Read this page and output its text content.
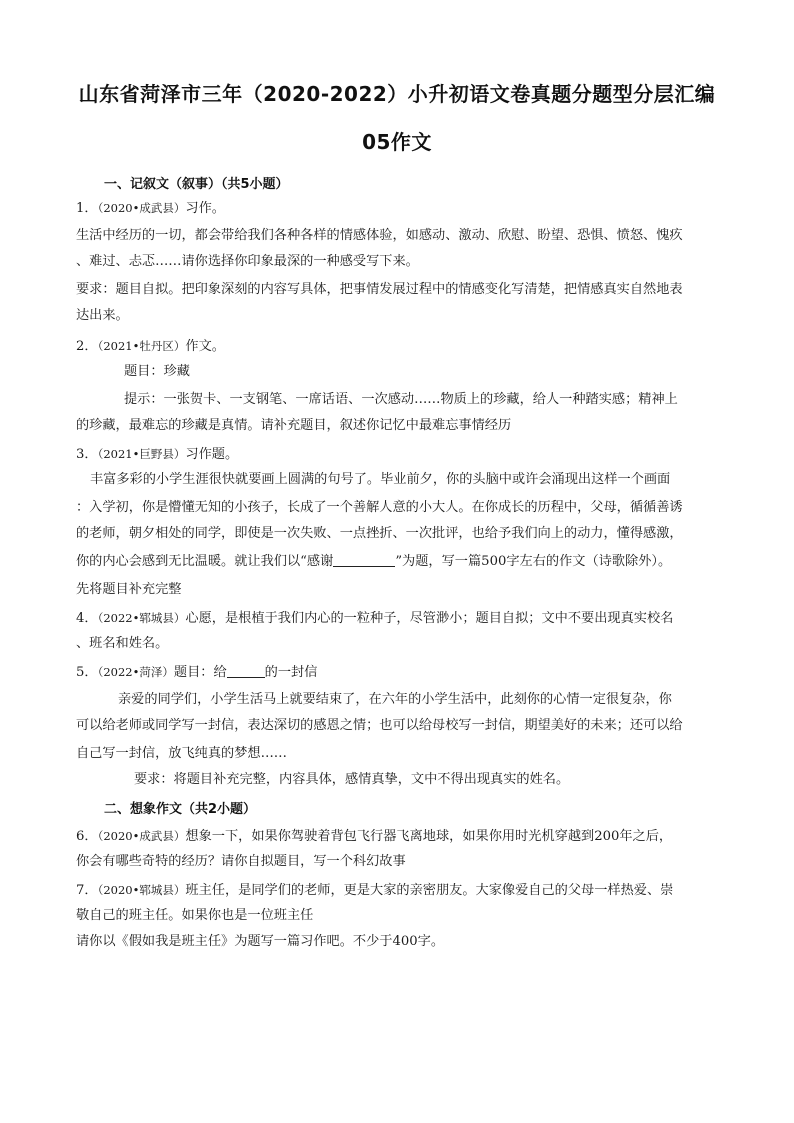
山东省菏泽市三年（2020-2022）小升初语文卷真题分题型分层汇编
05作文
一、记叙文（叙事）（共5小题）
1．（2020•成武县）习作。
生活中经历的一切，都会带给我们各种各样的情感体验，如感动、激动、欣慰、盼望、恐惧、愤怒、愧疚
、难过、忐忑……请你选择你印象最深的一种感受写下来。
要求：题目自拟。把印象深刻的内容写具体，把事情发展过程中的情感变化写清楚，把情感真实自然地表
达出来。
2．（2021•牡丹区）作文。
题目：珍藏
提示：一张贺卡、一支钢笔、一席话语、一次感动……物质上的珍藏，给人一种踏实感；精神上
的珍藏，最难忘的珍藏是真情。请补充题目，叙述你记忆中最难忘事情经历
3．（2021•巨野县）习作题。
丰富多彩的小学生涯很快就要画上圆满的句号了。毕业前夕，你的头脑中或许会涌现出这样一个画面
：入学初，你是懵懂无知的小孩子，长成了一个善解人意的小大人。在你成长的历程中，父母，循循善诱
的老师，朝夕相处的同学，即使是一次失败、一点挫折、一次批评，也给予我们向上的动力，懂得感激，
你的内心会感到无比温暖。就让我们以“感谢	”为题，写一篇500字左右的作文（诗歌除外）。
先将题目补充完整
4．（2022•郓城县）心愿，是根植于我们内心的一粒种子，尽管渺小；题目自拟；文中不要出现真实校名
、班名和姓名。
5．（2022•菏泽）题目：给	的一封信
亲爱的同学们，小学生活马上就要结束了，在六年的小学生活中，此刻你的心情一定很复杂，你
可以给老师或同学写一封信，表达深切的感恩之情；也可以给母校写一封信，期望美好的未来；还可以给
自己写一封信，放飞纯真的梦想……
要求：将题目补充完整，内容具体，感情真挚，文中不得出现真实的姓名。
二、想象作文（共2小题）
6．（2020•成武县）想象一下，如果你驾驶着背包飞行器飞离地球，如果你用时光机穿越到200年之后，
你会有哪些奇特的经历？请你自拟题目，写一个科幻故事
7．（2020•郓城县）班主任，是同学们的老师，更是大家的亲密朋友。大家像爱自己的父母一样热爱、崇
敬自己的班主任。如果你也是一位班主任
请你以《假如我是班主任》为题写一篇习作吧。不少于400字。
